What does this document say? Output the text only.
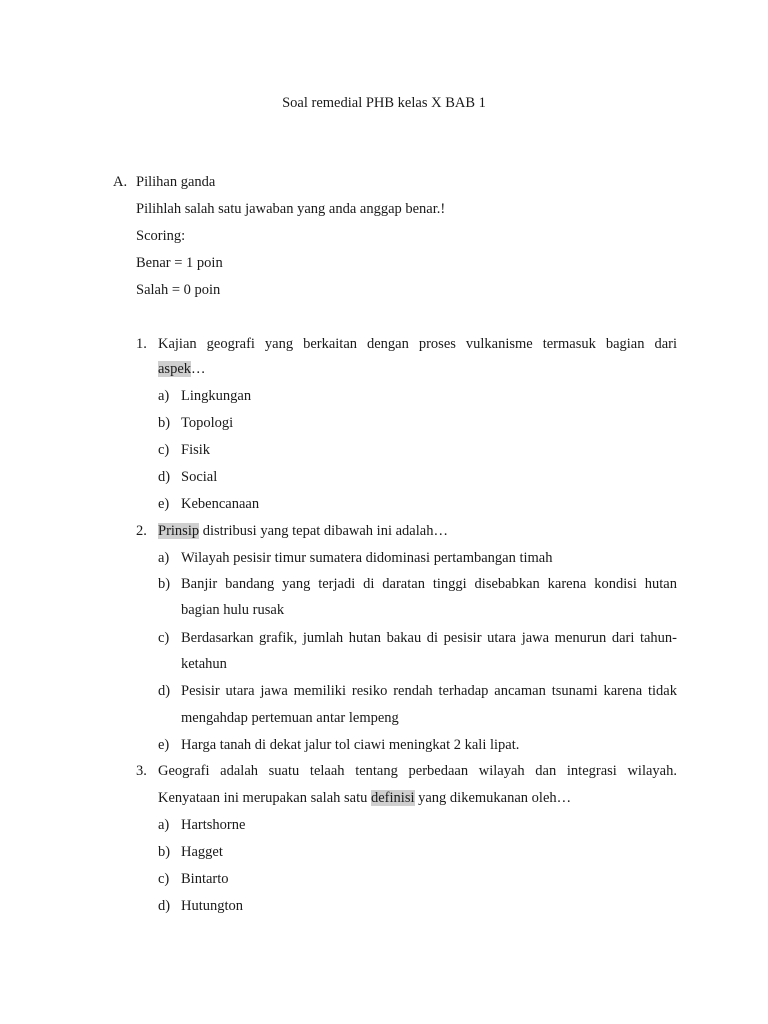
Soal remedial PHB kelas X BAB 1
A. Pilihan ganda
Pilihlah salah satu jawaban yang anda anggap benar.!
Scoring:
Benar = 1 poin
Salah = 0 poin
1. Kajian geografi yang berkaitan dengan proses vulkanisme termasuk bagian dari
aspek…
a) Lingkungan
b) Topologi
c) Fisik
d) Social
e) Kebencanaan
2. Prinsip distribusi yang tepat dibawah ini adalah…
a) Wilayah pesisir timur sumatera didominasi pertambangan timah
b) Banjir bandang yang terjadi di daratan tinggi disebabkan karena kondisi hutan
bagian hulu rusak
c) Berdasarkan grafik, jumlah hutan bakau di pesisir utara jawa menurun dari tahun-
ketahun
d) Pesisir utara jawa memiliki resiko rendah terhadap ancaman tsunami karena tidak
mengahdap pertemuan antar lempeng
e) Harga tanah di dekat jalur tol ciawi meningkat 2 kali lipat.
3. Geografi adalah suatu telaah tentang perbedaan wilayah dan integrasi wilayah.
Kenyataan ini merupakan salah satu definisi yang dikemukanan oleh…
a) Hartshorne
b) Hagget
c) Bintarto
d) Hutungton
